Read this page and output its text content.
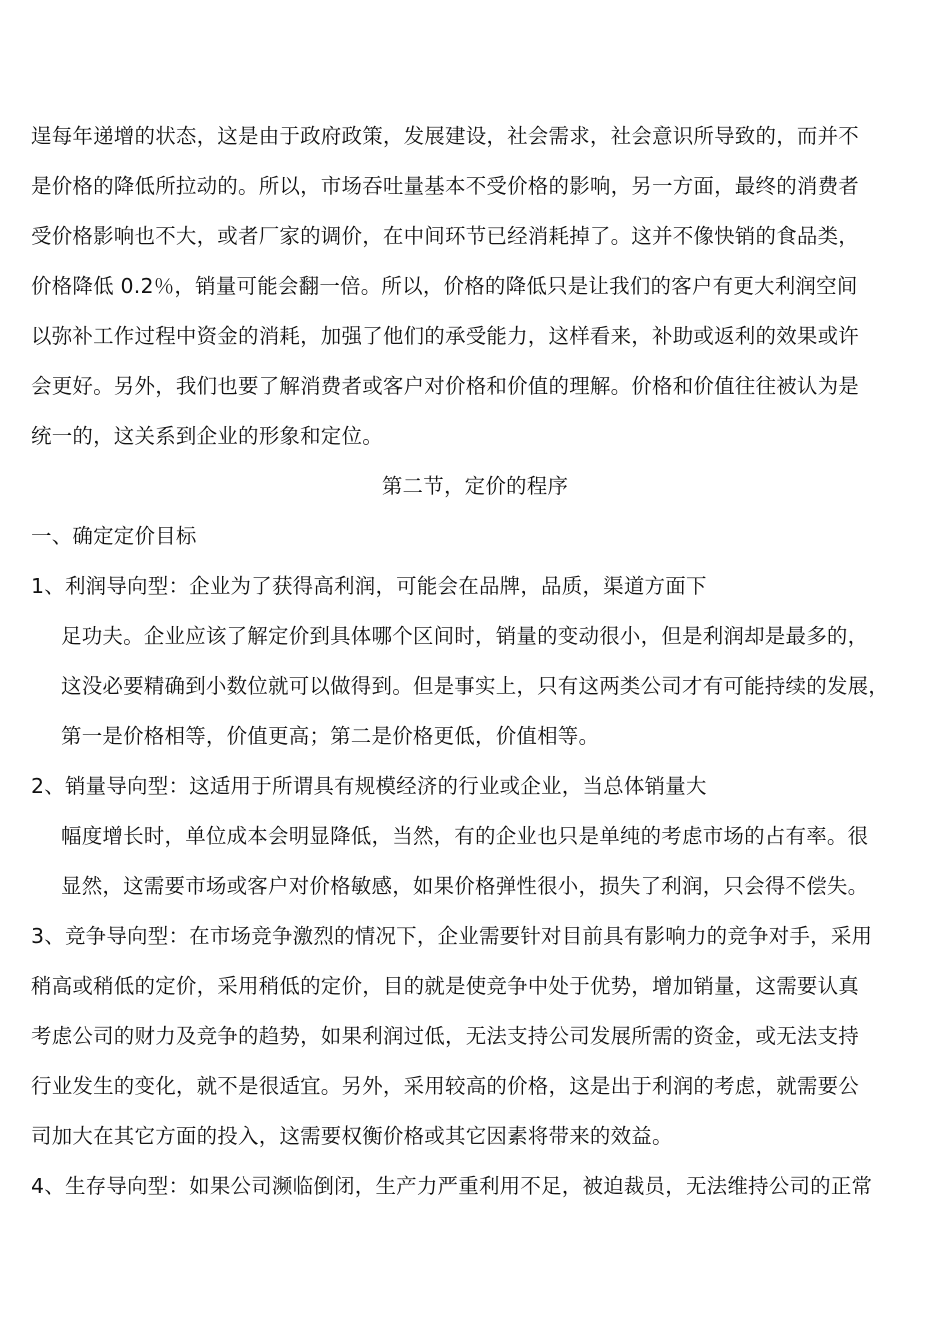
逞每年递增的状态，这是由于政府政策，发展建设，社会需求，社会意识所导致的，而并不
是价格的降低所拉动的。所以，市场吞吐量基本不受价格的影响，另一方面，最终的消费者
受价格影响也不大，或者厂家的调价，在中间环节已经消耗掉了。这并不像快销的食品类，
价格降低 0.2％，销量可能会翻一倍。所以，价格的降低只是让我们的客户有更大利润空间
以弥补工作过程中资金的消耗，加强了他们的承受能力，这样看来，补助或返利的效果或许
会更好。另外，我们也要了解消费者或客户对价格和价值的理解。价格和价值往往被认为是
统一的，这关系到企业的形象和定位。
第二节，定价的程序
一、确定定价目标
1、利润导向型：企业为了获得高利润，可能会在品牌，品质，渠道方面下
足功夫。企业应该了解定价到具体哪个区间时，销量的变动很小，但是利润却是最多的，
这没必要精确到小数位就可以做得到。但是事实上，只有这两类公司才有可能持续的发展，
第一是价格相等，价值更高；第二是价格更低，价值相等。
2、销量导向型：这适用于所谓具有规模经济的行业或企业，当总体销量大
幅度增长时，单位成本会明显降低，当然，有的企业也只是单纯的考虑市场的占有率。很
显然，这需要市场或客户对价格敏感，如果价格弹性很小，损失了利润，只会得不偿失。
3、竞争导向型：在市场竞争激烈的情况下，企业需要针对目前具有影响力的竞争对手，采用
稍高或稍低的定价，采用稍低的定价，目的就是使竞争中处于优势，增加销量，这需要认真
考虑公司的财力及竞争的趋势，如果利润过低，无法支持公司发展所需的资金，或无法支持
行业发生的变化，就不是很适宜。另外，采用较高的价格，这是出于利润的考虑，就需要公
司加大在其它方面的投入，这需要权衡价格或其它因素将带来的效益。
4、生存导向型：如果公司濒临倒闭，生产力严重利用不足，被迫裁员，无法维持公司的正常
